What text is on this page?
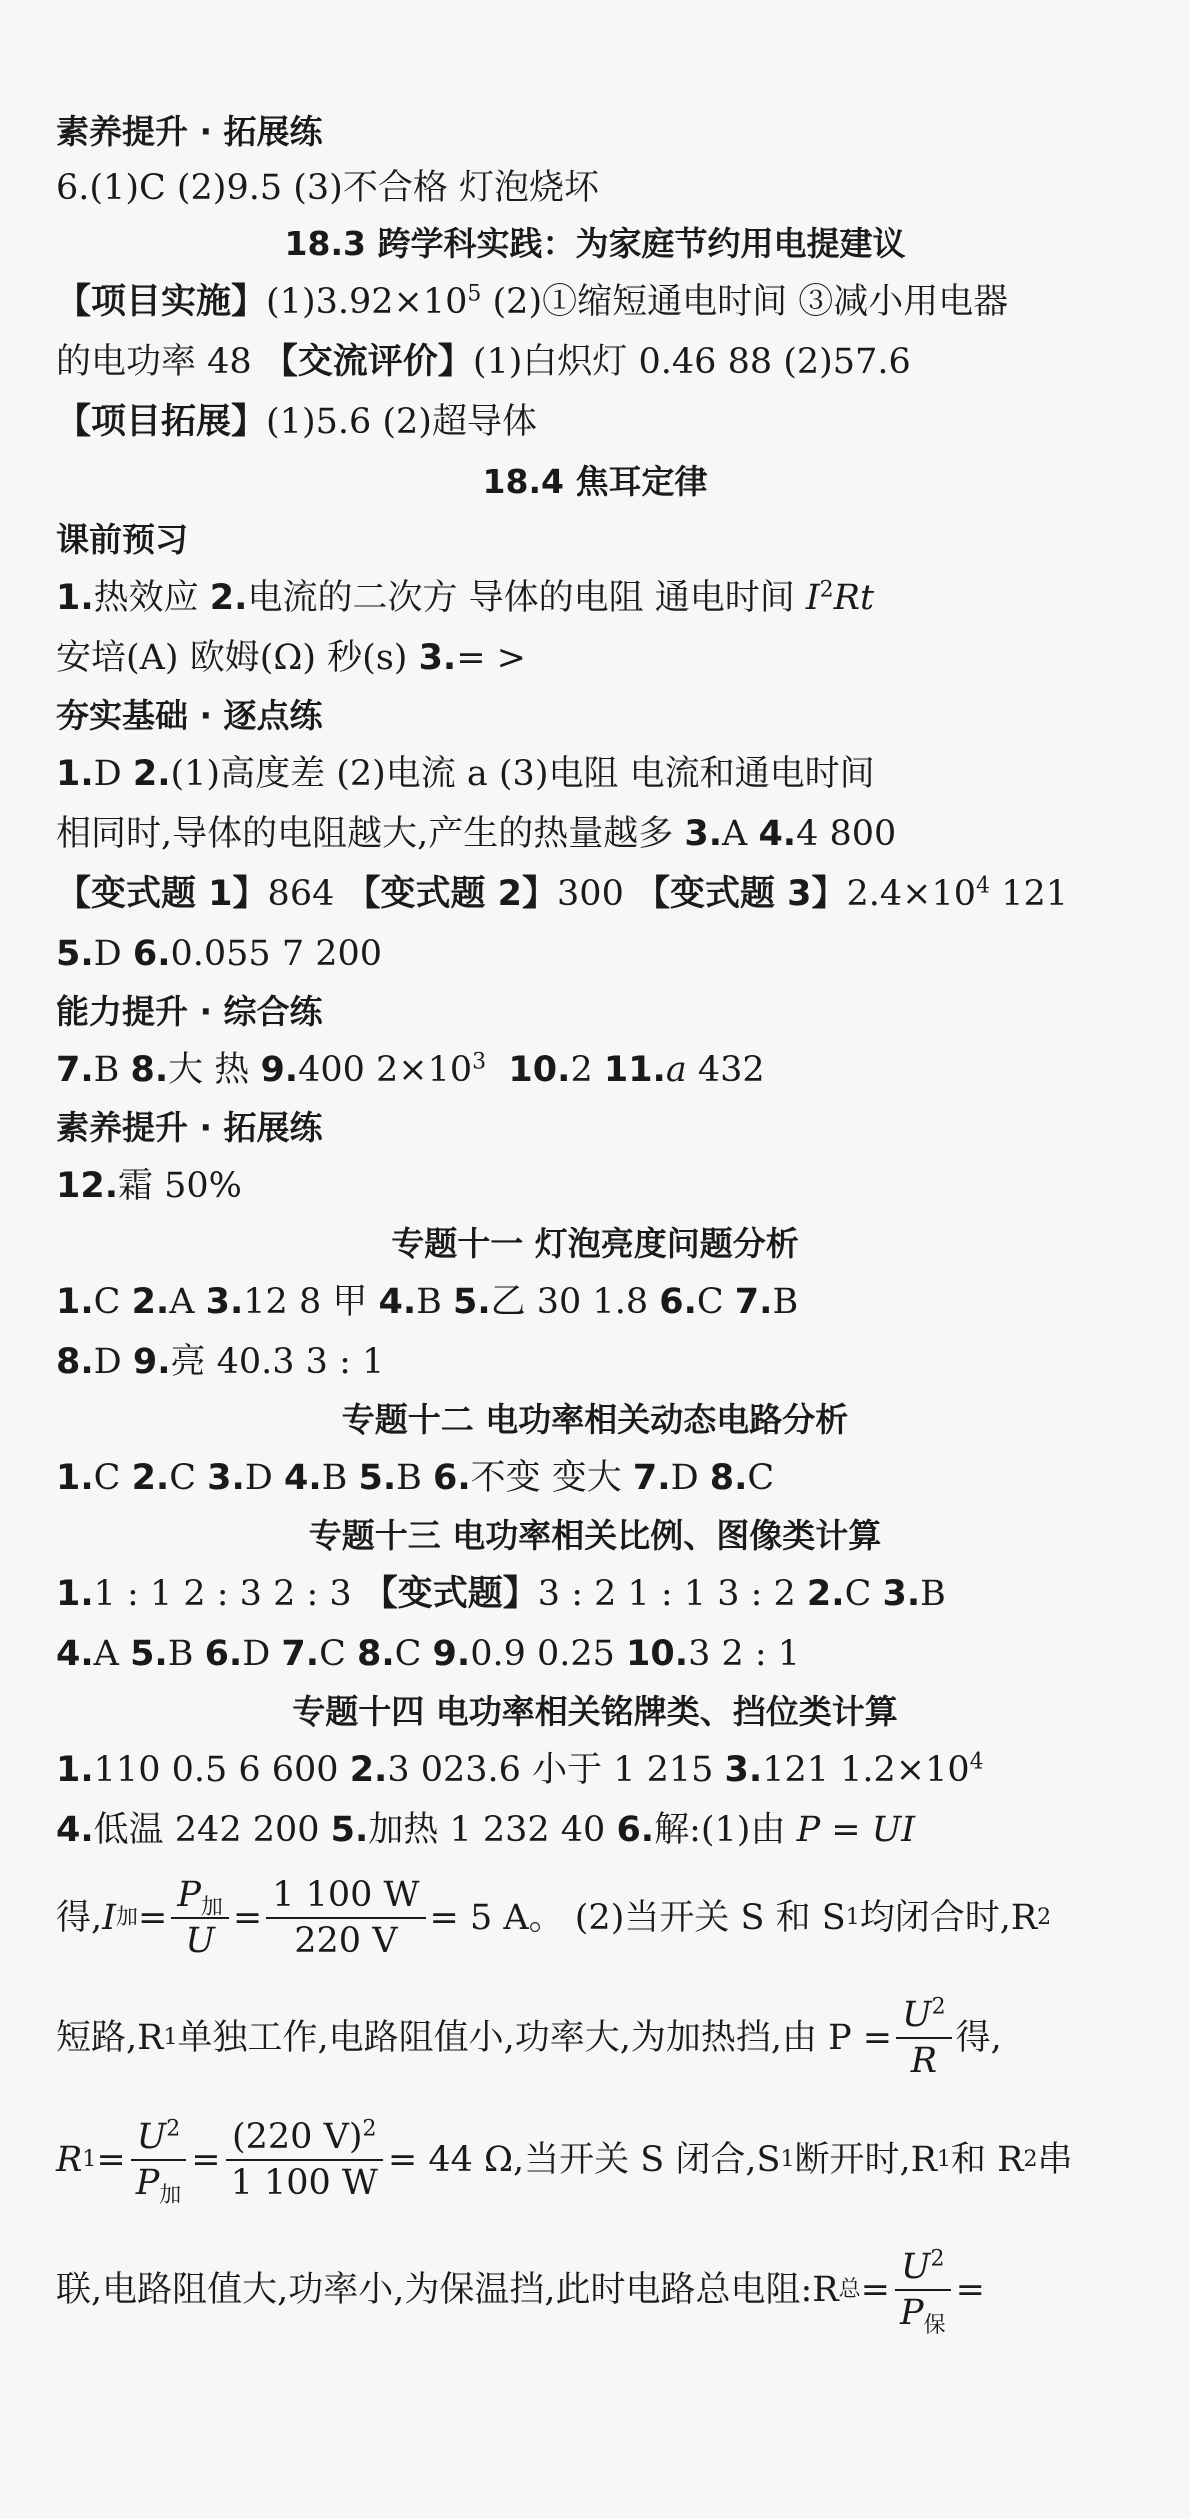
素养提升 · 拓展练
6.(1)C (2)9.5 (3)不合格 灯泡烧坏
18.3 跨学科实践：为家庭节约用电提建议
【项目实施】$(1)3.92\times 10^5$ (2)①缩短通电时间 ③减小用电器
的电功率 48 【交流评价】(1)白炽灯 0.46 88 (2)57.6
【项目拓展】(1)5.6 (2)超导体
18.4 焦耳定律
课前预习
1.热效应 2.电流的二次方 导体的电阻 通电时间 $I^2Rt$
安培(A) 欧姆(Ω) 秒(s) 3.= >
夯实基础 · 逐点练
1.D 2.(1)高度差 (2)电流 a (3)电阻 电流和通电时间
相同时,导体的电阻越大,产生的热量越多 3.A 4.4 800
【变式题 1】864 【变式题 2】300 【变式题 3】$2.4\times 10^4$ 121
5.D 6.0.055 7 200
能力提升 · 综合练
7.B 8.大 热 9.400 $2\times 10^3$ 10.2 11.a 432
素养提升 · 拓展练
12.霜 50%
专题十一 灯泡亮度问题分析
1.C 2.A 3.12 8 甲 4.B 5.乙 30 1.8 6.C 7.B
8.D 9.亮 40.3 3 : 1
专题十二 电功率相关动态电路分析
1.C 2.C 3.D 4.B 5.B 6.不变 变大 7.D 8.C
专题十三 电功率相关比例、图像类计算
1.1 : 1 2 : 3 2 : 3 【变式题】3 : 2 1 : 1 3 : 2 2.C 3.B
4.A 5.B 6.D 7.C 8.C 9.0.9 0.25 10.3 2 : 1
专题十四 电功率相关铭牌类、挡位类计算
1.110 0.5 6 600 2.3 023.6 小于 1 215 3.121 $1.2\times 10^4$
4.低温 242 200 5.加热 1 232 40 6.解:(1)由 P = UI
得, I 加 = $\frac{P_加}{U} = \frac{1 100 W}{220 V} = 5$ A。 (2)当开关 S 和 S 1 均闭合时,R 2
短路,R 1 单独工作,电路阻值小,功率大,为加热挡,由 $P = \frac{U^2}{R}$ 得,
R $1 = \frac{U^2}{P_加} = \frac{(220 V)^2}{1 100 W} = 44$ Ω,当开关 S 闭合,S 1 断开时,R 1 和 R 2 串
联,电路阻值大,功率小,为保温挡,此时电路总电阻:R 总 = $\frac{U^2}{P_保}$ =
